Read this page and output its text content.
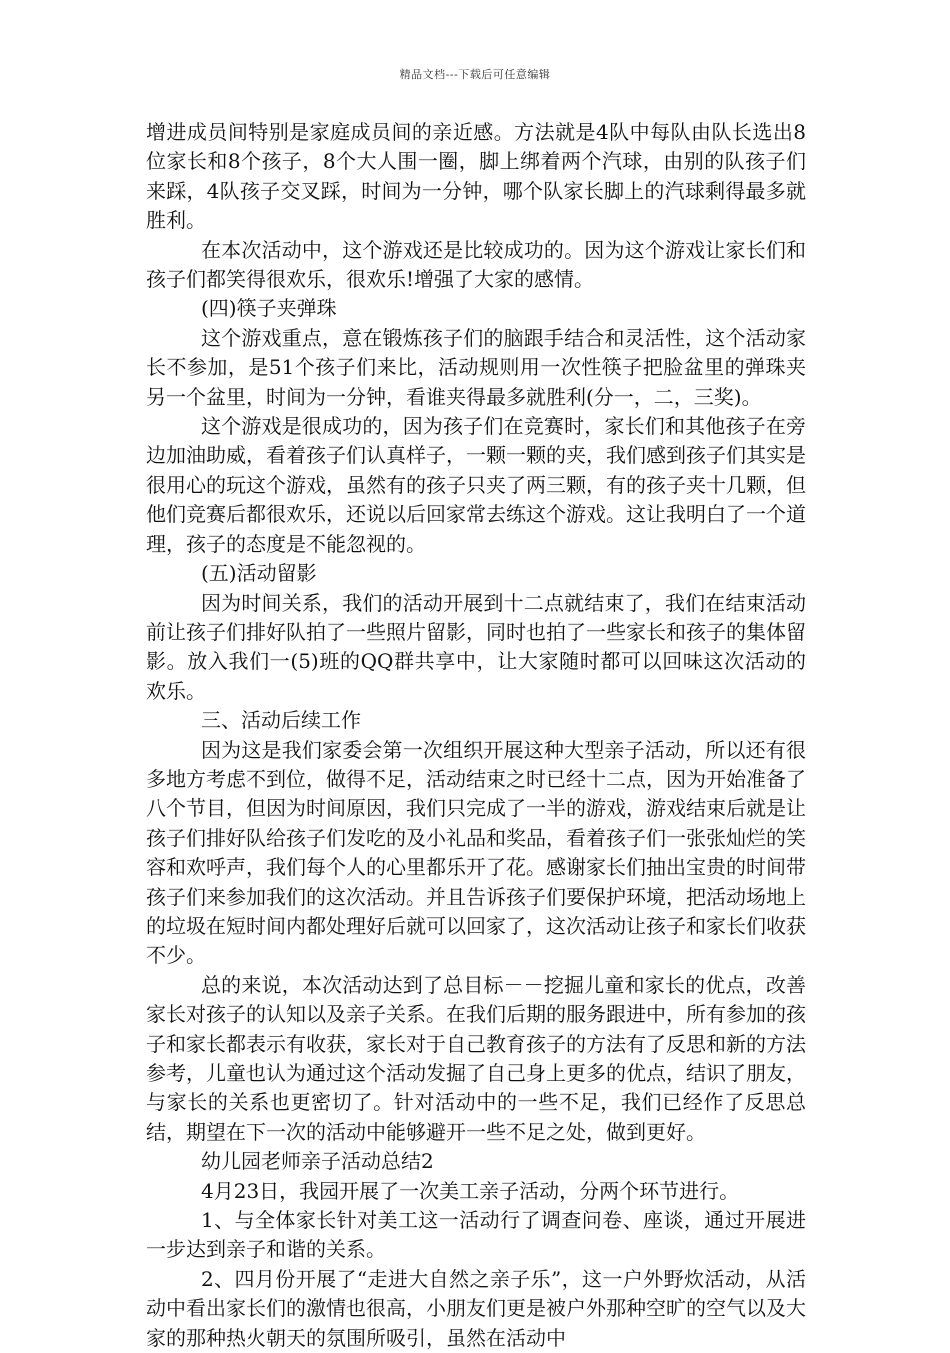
精品文档---下载后可任意编辑

增进成员间特别是家庭成员间的亲近感。方法就是4队中每队由队长选出8位家长和8个孩子，8个大人围一圈，脚上绑着两个汽球，由别的队孩子们来踩，4队孩子交叉踩，时间为一分钟，哪个队家长脚上的汽球剩得最多就胜利。

在本次活动中，这个游戏还是比较成功的。因为这个游戏让家长们和孩子们都笑得很欢乐，很欢乐!增强了大家的感情。

(四)筷子夹弹珠

这个游戏重点，意在锻炼孩子们的脑跟手结合和灵活性，这个活动家长不参加，是51个孩子们来比，活动规则用一次性筷子把脸盆里的弹珠夹另一个盆里，时间为一分钟，看谁夹得最多就胜利(分一，二，三奖)。

这个游戏是很成功的，因为孩子们在竞赛时，家长们和其他孩子在旁边加油助威，看着孩子们认真样子，一颗一颗的夹，我们感到孩子们其实是很用心的玩这个游戏，虽然有的孩子只夹了两三颗，有的孩子夹十几颗，但他们竞赛后都很欢乐，还说以后回家常去练这个游戏。这让我明白了一个道理，孩子的态度是不能忽视的。

(五)活动留影

因为时间关系，我们的活动开展到十二点就结束了，我们在结束活动前让孩子们排好队拍了一些照片留影，同时也拍了一些家长和孩子的集体留影。放入我们一(5)班的QQ群共享中，让大家随时都可以回味这次活动的欢乐。

三、活动后续工作

因为这是我们家委会第一次组织开展这种大型亲子活动，所以还有很多地方考虑不到位，做得不足，活动结束之时已经十二点，因为开始准备了八个节目，但因为时间原因，我们只完成了一半的游戏，游戏结束后就是让孩子们排好队给孩子们发吃的及小礼品和奖品，看着孩子们一张张灿烂的笑容和欢呼声，我们每个人的心里都乐开了花。感谢家长们抽出宝贵的时间带孩子们来参加我们的这次活动。并且告诉孩子们要保护环境，把活动场地上的垃圾在短时间内都处理好后就可以回家了，这次活动让孩子和家长们收获不少。

总的来说，本次活动达到了总目标－－挖掘儿童和家长的优点，改善家长对孩子的认知以及亲子关系。在我们后期的服务跟进中，所有参加的孩子和家长都表示有收获，家长对于自己教育孩子的方法有了反思和新的方法参考，儿童也认为通过这个活动发掘了自己身上更多的优点，结识了朋友，与家长的关系也更密切了。针对活动中的一些不足，我们已经作了反思总结，期望在下一次的活动中能够避开一些不足之处，做到更好。

幼儿园老师亲子活动总结2

4月23日，我园开展了一次美工亲子活动，分两个环节进行。

1、与全体家长针对美工这一活动行了调查问卷、座谈，通过开展进一步达到亲子和谐的关系。

2、四月份开展了“走进大自然之亲子乐”，这一户外野炊活动，从活动中看出家长们的激情也很高，小朋友们更是被户外那种空旷的空气以及大家的那种热火朝天的氛围所吸引，虽然在活动中
